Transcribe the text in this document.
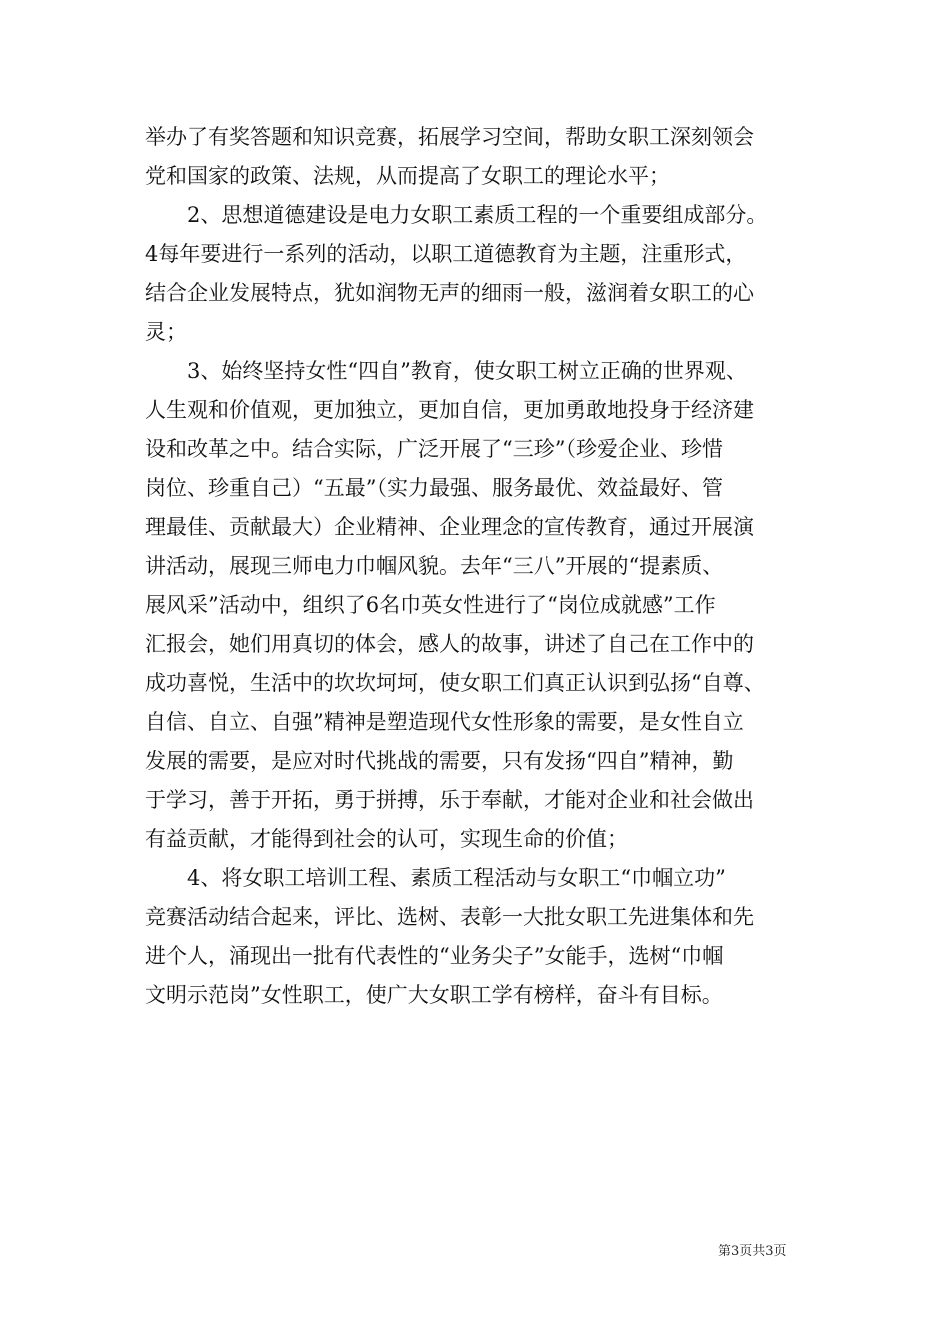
举办了有奖答题和知识竞赛，拓展学习空间，帮助女职工深刻领会
党和国家的政策、法规，从而提高了女职工的理论水平；
　　2、思想道德建设是电力女职工素质工程的一个重要组成部分。
4每年要进行一系列的活动，以职工道德教育为主题，注重形式，
结合企业发展特点，犹如润物无声的细雨一般，滋润着女职工的心
灵；
　　3、始终坚持女性“四自”教育，使女职工树立正确的世界观、
人生观和价值观，更加独立，更加自信，更加勇敢地投身于经济建
设和改革之中。结合实际，广泛开展了“三珍”（珍爱企业、珍惜
岗位、珍重自己）“五最”（实力最强、服务最优、效益最好、管
理最佳、贡献最大）企业精神、企业理念的宣传教育，通过开展演
讲活动，展现三师电力巾帼风貌。去年“三八”开展的“提素质、
展风采”活动中，组织了6名巾英女性进行了“岗位成就感”工作
汇报会，她们用真切的体会，感人的故事，讲述了自己在工作中的
成功喜悦，生活中的坎坎坷坷，使女职工们真正认识到弘扬“自尊、
自信、自立、自强”精神是塑造现代女性形象的需要，是女性自立
发展的需要，是应对时代挑战的需要，只有发扬“四自”精神，勤
于学习，善于开拓，勇于拼搏，乐于奉献，才能对企业和社会做出
有益贡献，才能得到社会的认可，实现生命的价值；
　　4、将女职工培训工程、素质工程活动与女职工“巾帼立功”
竞赛活动结合起来，评比、选树、表彰一大批女职工先进集体和先
进个人，涌现出一批有代表性的“业务尖子”女能手，选树“巾帼
文明示范岗”女性职工，使广大女职工学有榜样，奋斗有目标。
第3页共3页
